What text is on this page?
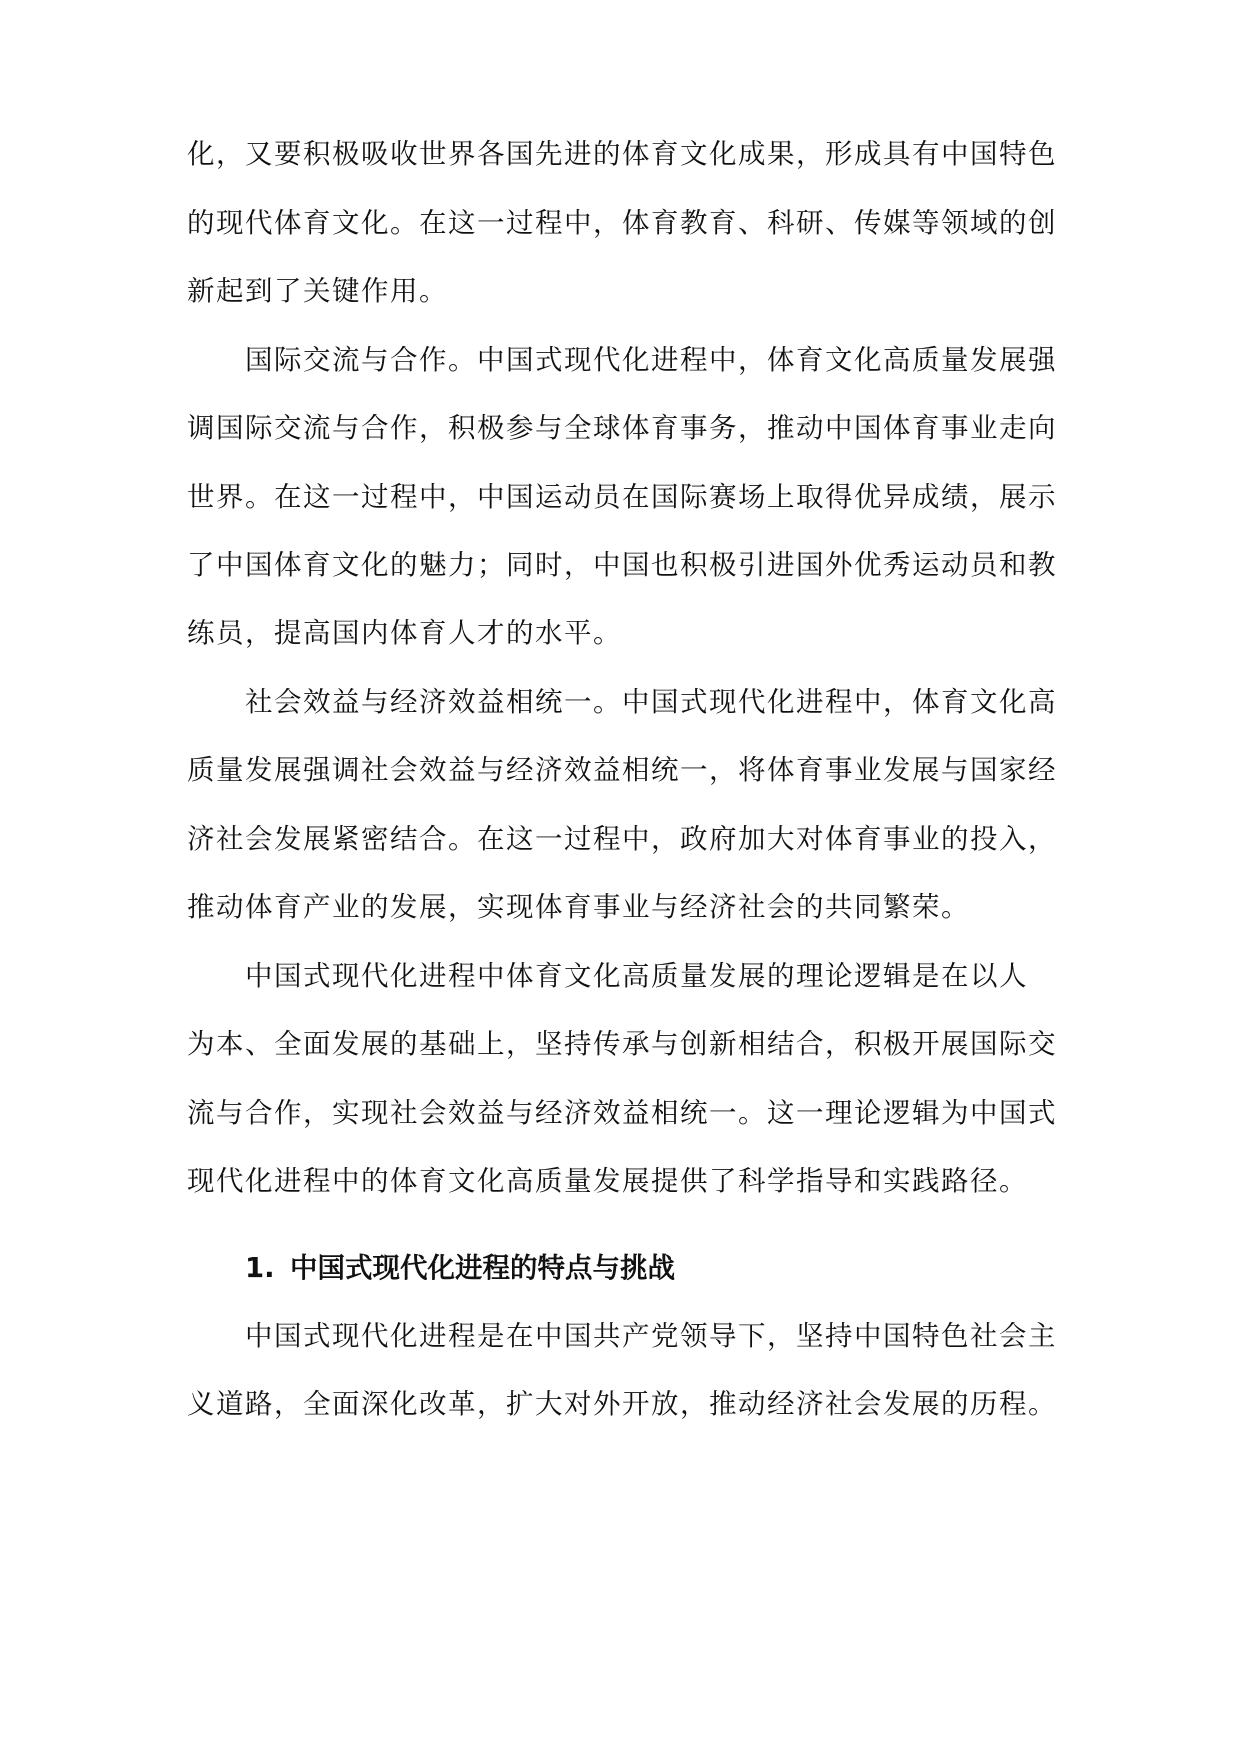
化，又要积极吸收世界各国先进的体育文化成果，形成具有中国特色
的现代体育文化。在这一过程中，体育教育、科研、传媒等领域的创
新起到了关键作用。
国际交流与合作。中国式现代化进程中，体育文化高质量发展强
调国际交流与合作，积极参与全球体育事务，推动中国体育事业走向
世界。在这一过程中，中国运动员在国际赛场上取得优异成绩，展示
了中国体育文化的魅力；同时，中国也积极引进国外优秀运动员和教
练员，提高国内体育人才的水平。
社会效益与经济效益相统一。中国式现代化进程中，体育文化高
质量发展强调社会效益与经济效益相统一，将体育事业发展与国家经
济社会发展紧密结合。在这一过程中，政府加大对体育事业的投入，
推动体育产业的发展，实现体育事业与经济社会的共同繁荣。
中国式现代化进程中体育文化高质量发展的理论逻辑是在以人
为本、全面发展的基础上，坚持传承与创新相结合，积极开展国际交
流与合作，实现社会效益与经济效益相统一。这一理论逻辑为中国式
现代化进程中的体育文化高质量发展提供了科学指导和实践路径。
1. 中国式现代化进程的特点与挑战
中国式现代化进程是在中国共产党领导下，坚持中国特色社会主
义道路，全面深化改革，扩大对外开放，推动经济社会发展的历程。
